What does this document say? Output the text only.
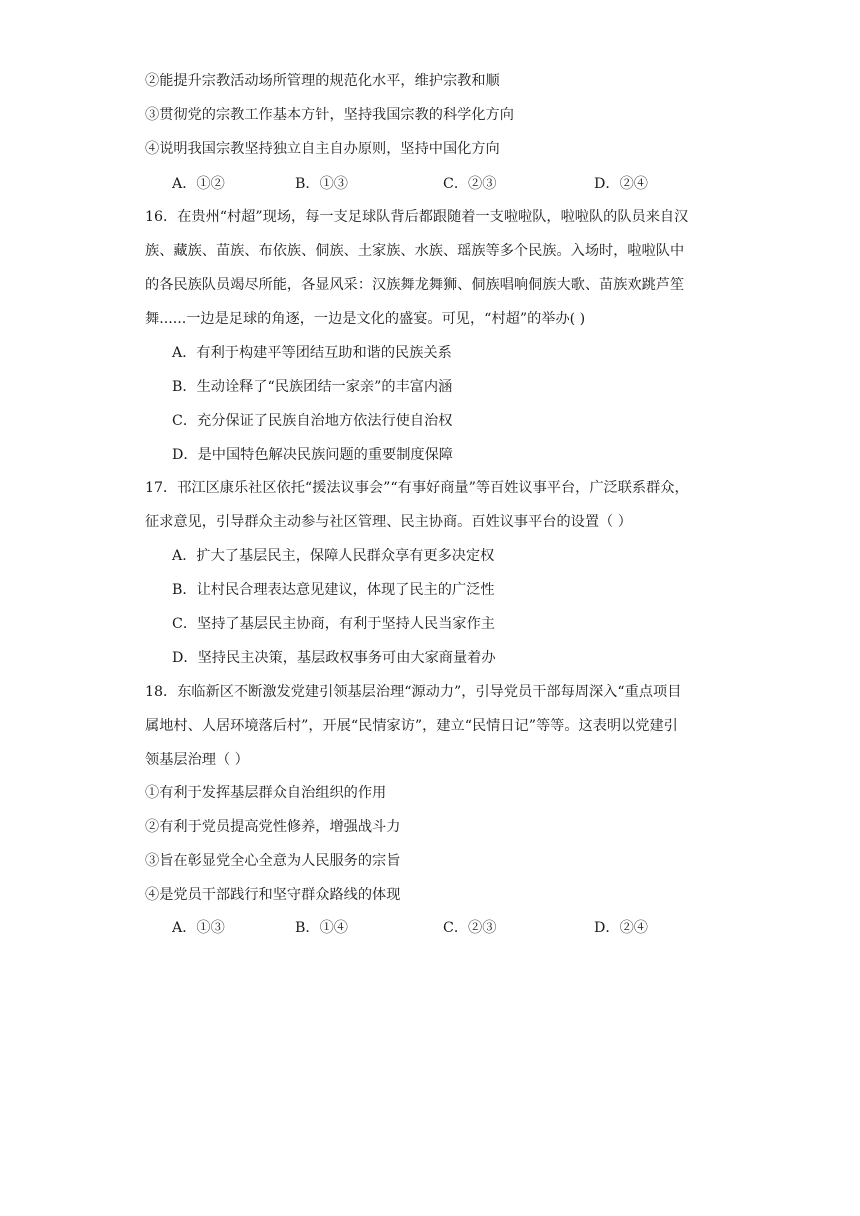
②能提升宗教活动场所管理的规范化水平，维护宗教和顺
③贯彻党的宗教工作基本方针，坚持我国宗教的科学化方向
④说明我国宗教坚持独立自主自办原则，坚持中国化方向
A．①②	B．①③	C．②③	D．②④
16．在贵州“村超”现场，每一支足球队背后都跟随着一支啦啦队，啦啦队的队员来自汉
族、藏族、苗族、布依族、侗族、土家族、水族、瑶族等多个民族。入场时，啦啦队中
的各民族队员竭尽所能，各显风采：汉族舞龙舞狮、侗族唱响侗族大歌、苗族欢跳芦笙
舞......一边是足球的角逐，一边是文化的盛宴。可见，“村超”的举办( )
A．有利于构建平等团结互助和谐的民族关系
B．生动诠释了“民族团结一家亲”的丰富内涵
C．充分保证了民族自治地方依法行使自治权
D．是中国特色解决民族问题的重要制度保障
17．邗江区康乐社区依托“援法议事会”“有事好商量”等百姓议事平台，广泛联系群众，
征求意见，引导群众主动参与社区管理、民主协商。百姓议事平台的设置（ ）
A．扩大了基层民主，保障人民群众享有更多决定权
B．让村民合理表达意见建议，体现了民主的广泛性
C．坚持了基层民主协商，有利于坚持人民当家作主
D．坚持民主决策，基层政权事务可由大家商量着办
18．东临新区不断激发党建引领基层治理“源动力”，引导党员干部每周深入“重点项目
属地村、人居环境落后村”，开展“民情家访”，建立“民情日记”等等。这表明以党建引
领基层治理（ ）
①有利于发挥基层群众自治组织的作用
②有利于党员提高党性修养，增强战斗力
③旨在彰显党全心全意为人民服务的宗旨
④是党员干部践行和坚守群众路线的体现
A．①③	B．①④	C．②③	D．②④
